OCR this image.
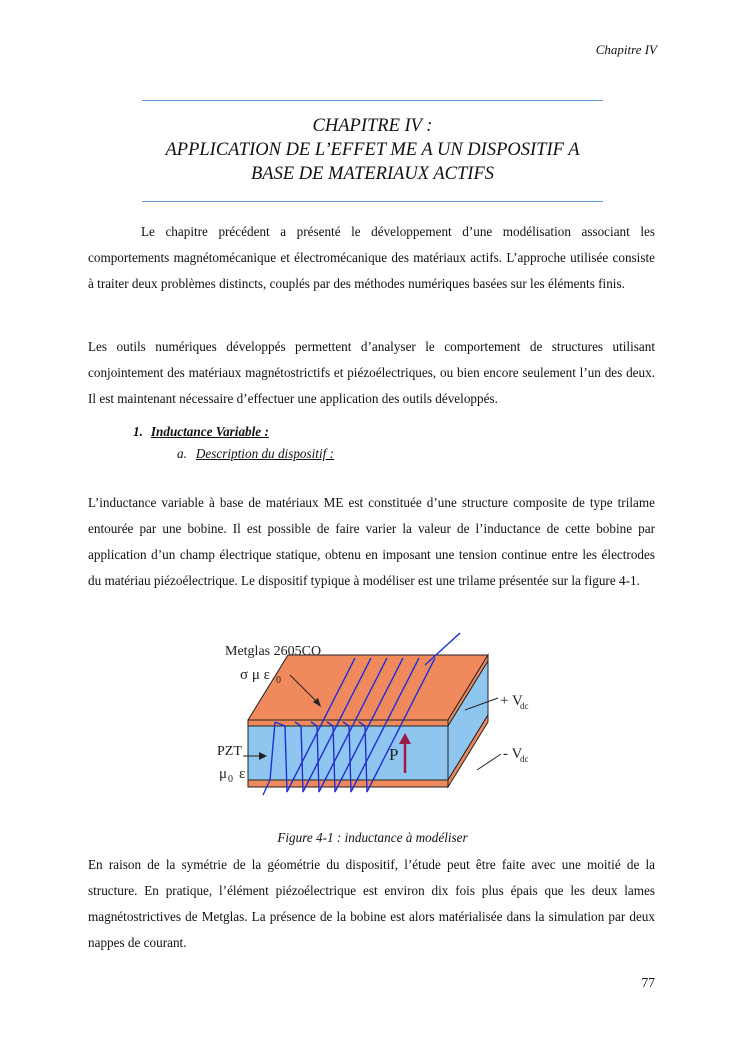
Chapitre IV
CHAPITRE IV :
APPLICATION DE L’EFFET ME A UN DISPOSITIF A
BASE DE MATERIAUX ACTIFS

Le chapitre précédent a présenté le développement d’une modélisation associant les comportements magnétomécanique et électromécanique des matériaux actifs. L’approche utilisée consiste à traiter deux problèmes distincts, couplés par des méthodes numériques basées sur les éléments finis.

Les outils numériques développés permettent d’analyser le comportement de structures utilisant conjointement des matériaux magnétostrictifs et piézoélectriques, ou bien encore seulement l’un des deux. Il est maintenant nécessaire d’effectuer une application des outils développés.

1. Inductance Variable :
a. Description du dispositif :

L’inductance variable à base de matériaux ME est constituée d’une structure composite de type trilame entourée par une bobine. Il est possible de faire varier la valeur de l’inductance de cette bobine par application d’un champ électrique statique, obtenu en imposant une tension continue entre les électrodes du matériau piézoélectrique. Le dispositif typique à modéliser est une trilame présentée sur la figure 4-1.

P
Metglas 2605CO
σ μ ε 0
PZT
μ 0 ε
+ V
dc
- V
dc
Figure 4-1 : inductance à modéliser

En raison de la symétrie de la géométrie du dispositif, l’étude peut être faite avec une moitié de la structure. En pratique, l’élément piézoélectrique est environ dix fois plus épais que les deux lames magnétostrictives de Metglas. La présence de la bobine est alors matérialisée dans la simulation par deux nappes de courant.

77
